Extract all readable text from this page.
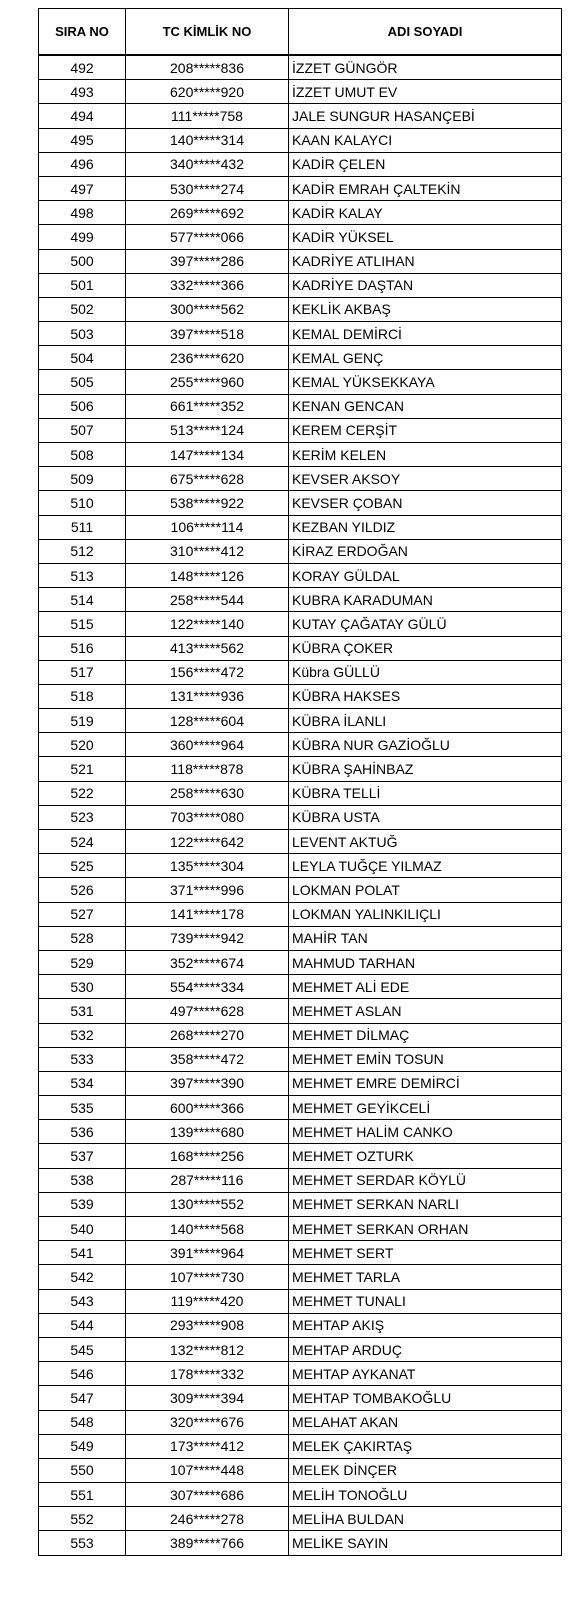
SIRA NO	TC KİMLİK NO	ADI SOYADI
492	208*****836	İZZET GÜNGÖR
493	620*****920	İZZET UMUT EV
494	111*****758	JALE SUNGUR HASANÇEBİ
495	140*****314	KAAN KALAYCI
496	340*****432	KADİR ÇELEN
497	530*****274	KADİR EMRAH ÇALTEKİN
498	269*****692	KADİR KALAY
499	577*****066	KADİR YÜKSEL
500	397*****286	KADRİYE ATLIHAN
501	332*****366	KADRİYE DAŞTAN
502	300*****562	KEKLİK AKBAŞ
503	397*****518	KEMAL DEMİRCİ
504	236*****620	KEMAL GENÇ
505	255*****960	KEMAL YÜKSEKKAYA
506	661*****352	KENAN GENCAN
507	513*****124	KEREM CERŞİT
508	147*****134	KERİM KELEN
509	675*****628	KEVSER AKSOY
510	538*****922	KEVSER ÇOBAN
511	106*****114	KEZBAN YILDIZ
512	310*****412	KİRAZ ERDOĞAN
513	148*****126	KORAY GÜLDAL
514	258*****544	KUBRA KARADUMAN
515	122*****140	KUTAY ÇAĞATAY GÜLÜ
516	413*****562	KÜBRA ÇOKER
517	156*****472	Kübra GÜLLÜ
518	131*****936	KÜBRA HAKSES
519	128*****604	KÜBRA İLANLI
520	360*****964	KÜBRA NUR GAZİOĞLU
521	118*****878	KÜBRA ŞAHİNBAZ
522	258*****630	KÜBRA TELLİ
523	703*****080	KÜBRA USTA
524	122*****642	LEVENT AKTUĞ
525	135*****304	LEYLA TUĞÇE YILMAZ
526	371*****996	LOKMAN POLAT
527	141*****178	LOKMAN YALINKILIÇLI
528	739*****942	MAHİR TAN
529	352*****674	MAHMUD TARHAN
530	554*****334	MEHMET ALİ EDE
531	497*****628	MEHMET ASLAN
532	268*****270	MEHMET DİLMAÇ
533	358*****472	MEHMET EMİN TOSUN
534	397*****390	MEHMET EMRE DEMİRCİ
535	600*****366	MEHMET GEYİKCELİ
536	139*****680	MEHMET HALİM CANKO
537	168*****256	MEHMET OZTURK
538	287*****116	MEHMET SERDAR KÖYLÜ
539	130*****552	MEHMET SERKAN NARLI
540	140*****568	MEHMET SERKAN ORHAN
541	391*****964	MEHMET SERT
542	107*****730	MEHMET TARLA
543	119*****420	MEHMET TUNALI
544	293*****908	MEHTAP AKIŞ
545	132*****812	MEHTAP ARDUÇ
546	178*****332	MEHTAP AYKANAT
547	309*****394	MEHTAP TOMBAKOĞLU
548	320*****676	MELAHAT AKAN
549	173*****412	MELEK ÇAKIRTAŞ
550	107*****448	MELEK DİNÇER
551	307*****686	MELİH TONOĞLU
552	246*****278	MELİHA BULDAN
553	389*****766	MELİKE SAYIN
